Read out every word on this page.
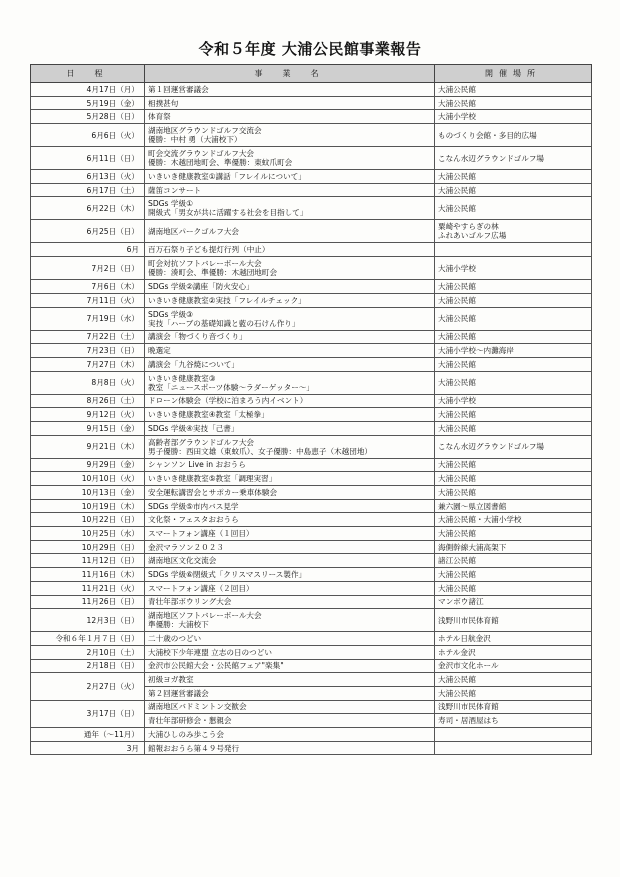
令和５年度 大浦公民館事業報告
日　程	事　業　名	開催場所
4月17日（月）	第１回運営審議会	大浦公民館

5月19日（金）	相撲甚句	大浦公民館

5月28日（日）	体育祭	大浦小学校

6月6日（火）	湖南地区グラウンドゴルフ交流会
優勝：中村 勇（大浦校下）	ものづくり会館・多目的広場

6月11日（日）	町会交流グラウンドゴルフ大会
優勝：木越団地町会、準優勝：東蚊爪町会	こなん水辺グラウンドゴルフ場

6月13日（火）	いきいき健康教室①講話「フレイルについて」	大浦公民館

6月17日（土）	薩笛コンサート	大浦公民館

6月22日（木）	SDGs 学級①
開級式「男女が共に活躍する社会を目指して」	大浦公民館

6月25日（日）	湖南地区パークゴルフ大会	粟崎やすらぎの林
ふれあいゴルフ広場

6月	百万石祭り子ども提灯行列（中止）	

7月2日（日）	町会対抗ソフトバレーボール大会
優勝：湊町会、準優勝：木越団地町会	大浦小学校

7月6日（木）	SDGs 学級②講座「防火安心」	大浦公民館

7月11日（火）	いきいき健康教室②実技「フレイルチェック」	大浦公民館

7月19日（水）	SDGs 学級③
実技「ハーブの基礎知識と藍の石けん作り」	大浦公民館

7月22日（土）	講演会「物づくり音づくり」	大浦公民館

7月23日（日）	晩選定	大浦小学校〜内灘海岸

7月27日（木）	講演会「九谷焼について」	大浦公民館

8月8日（火）	いきいき健康教室③
教室「ニュースポーツ体験〜ラダーゲッター〜」	大浦公民館

8月26日（土）	ドローン体験会（学校に泊まろう内イベント）	大浦小学校

9月12日（火）	いきいき健康教室④教室「太極拳」	大浦公民館

9月15日（金）	SDGs 学級④実技「己書」	大浦公民館

9月21日（木）	高齢者部グラウンドゴルフ大会
男子優勝：西田文雄（東蚊爪）、女子優勝：中島恵子（木越団地）	こなん水辺グラウンドゴルフ場

9月29日（金）	シャンソン Live in おおうら	大浦公民館

10月10日（火）	いきいき健康教室⑤教室「調理実習」	大浦公民館

10月13日（金）	安全運転講習会とサポカー乗車体験会	大浦公民館

10月19日（木）	SDGs 学級⑤市内バス見学	兼六園〜県立図書館

10月22日（日）	文化祭・フェスタおおうら	大浦公民館・大浦小学校

10月25日（水）	スマートフォン講座（１回目）	大浦公民館

10月29日（日）	金沢マラソン２０２３	海側幹線大浦高架下

11月12日（日）	湖南地区文化交流会	諸江公民館

11月16日（木）	SDGs 学級⑥閉級式「クリスマスリース製作」	大浦公民館

11月21日（火）	スマートフォン講座（２回目）	大浦公民館

11月26日（日）	青壮年部ボウリング大会	マンボウ諸江

12月3日（日）	湖南地区ソフトバレーボール大会
準優勝：大浦校下	浅野川市民体育館

令和６年１月７日（日）	二十歳のつどい	ホテル日航金沢

2月10日（土）	大浦校下少年連盟 立志の日のつどい	ホテル金沢

2月18日（日）	金沢市公民館大会・公民館フェア"楽集"	金沢市文化ホール

2月27日（火）	初級ヨガ教室	大浦公民館
	第２回運営審議会	大浦公民館
3月17日（日）	湖南地区バドミントン交歓会	浅野川市民体育館
	青壮年部研修会・懇親会	寿司・居酒屋はち
通年（〜11月）	大浦ひしのみ歩こう会	

3月	館報おおうら第４９号発行	
